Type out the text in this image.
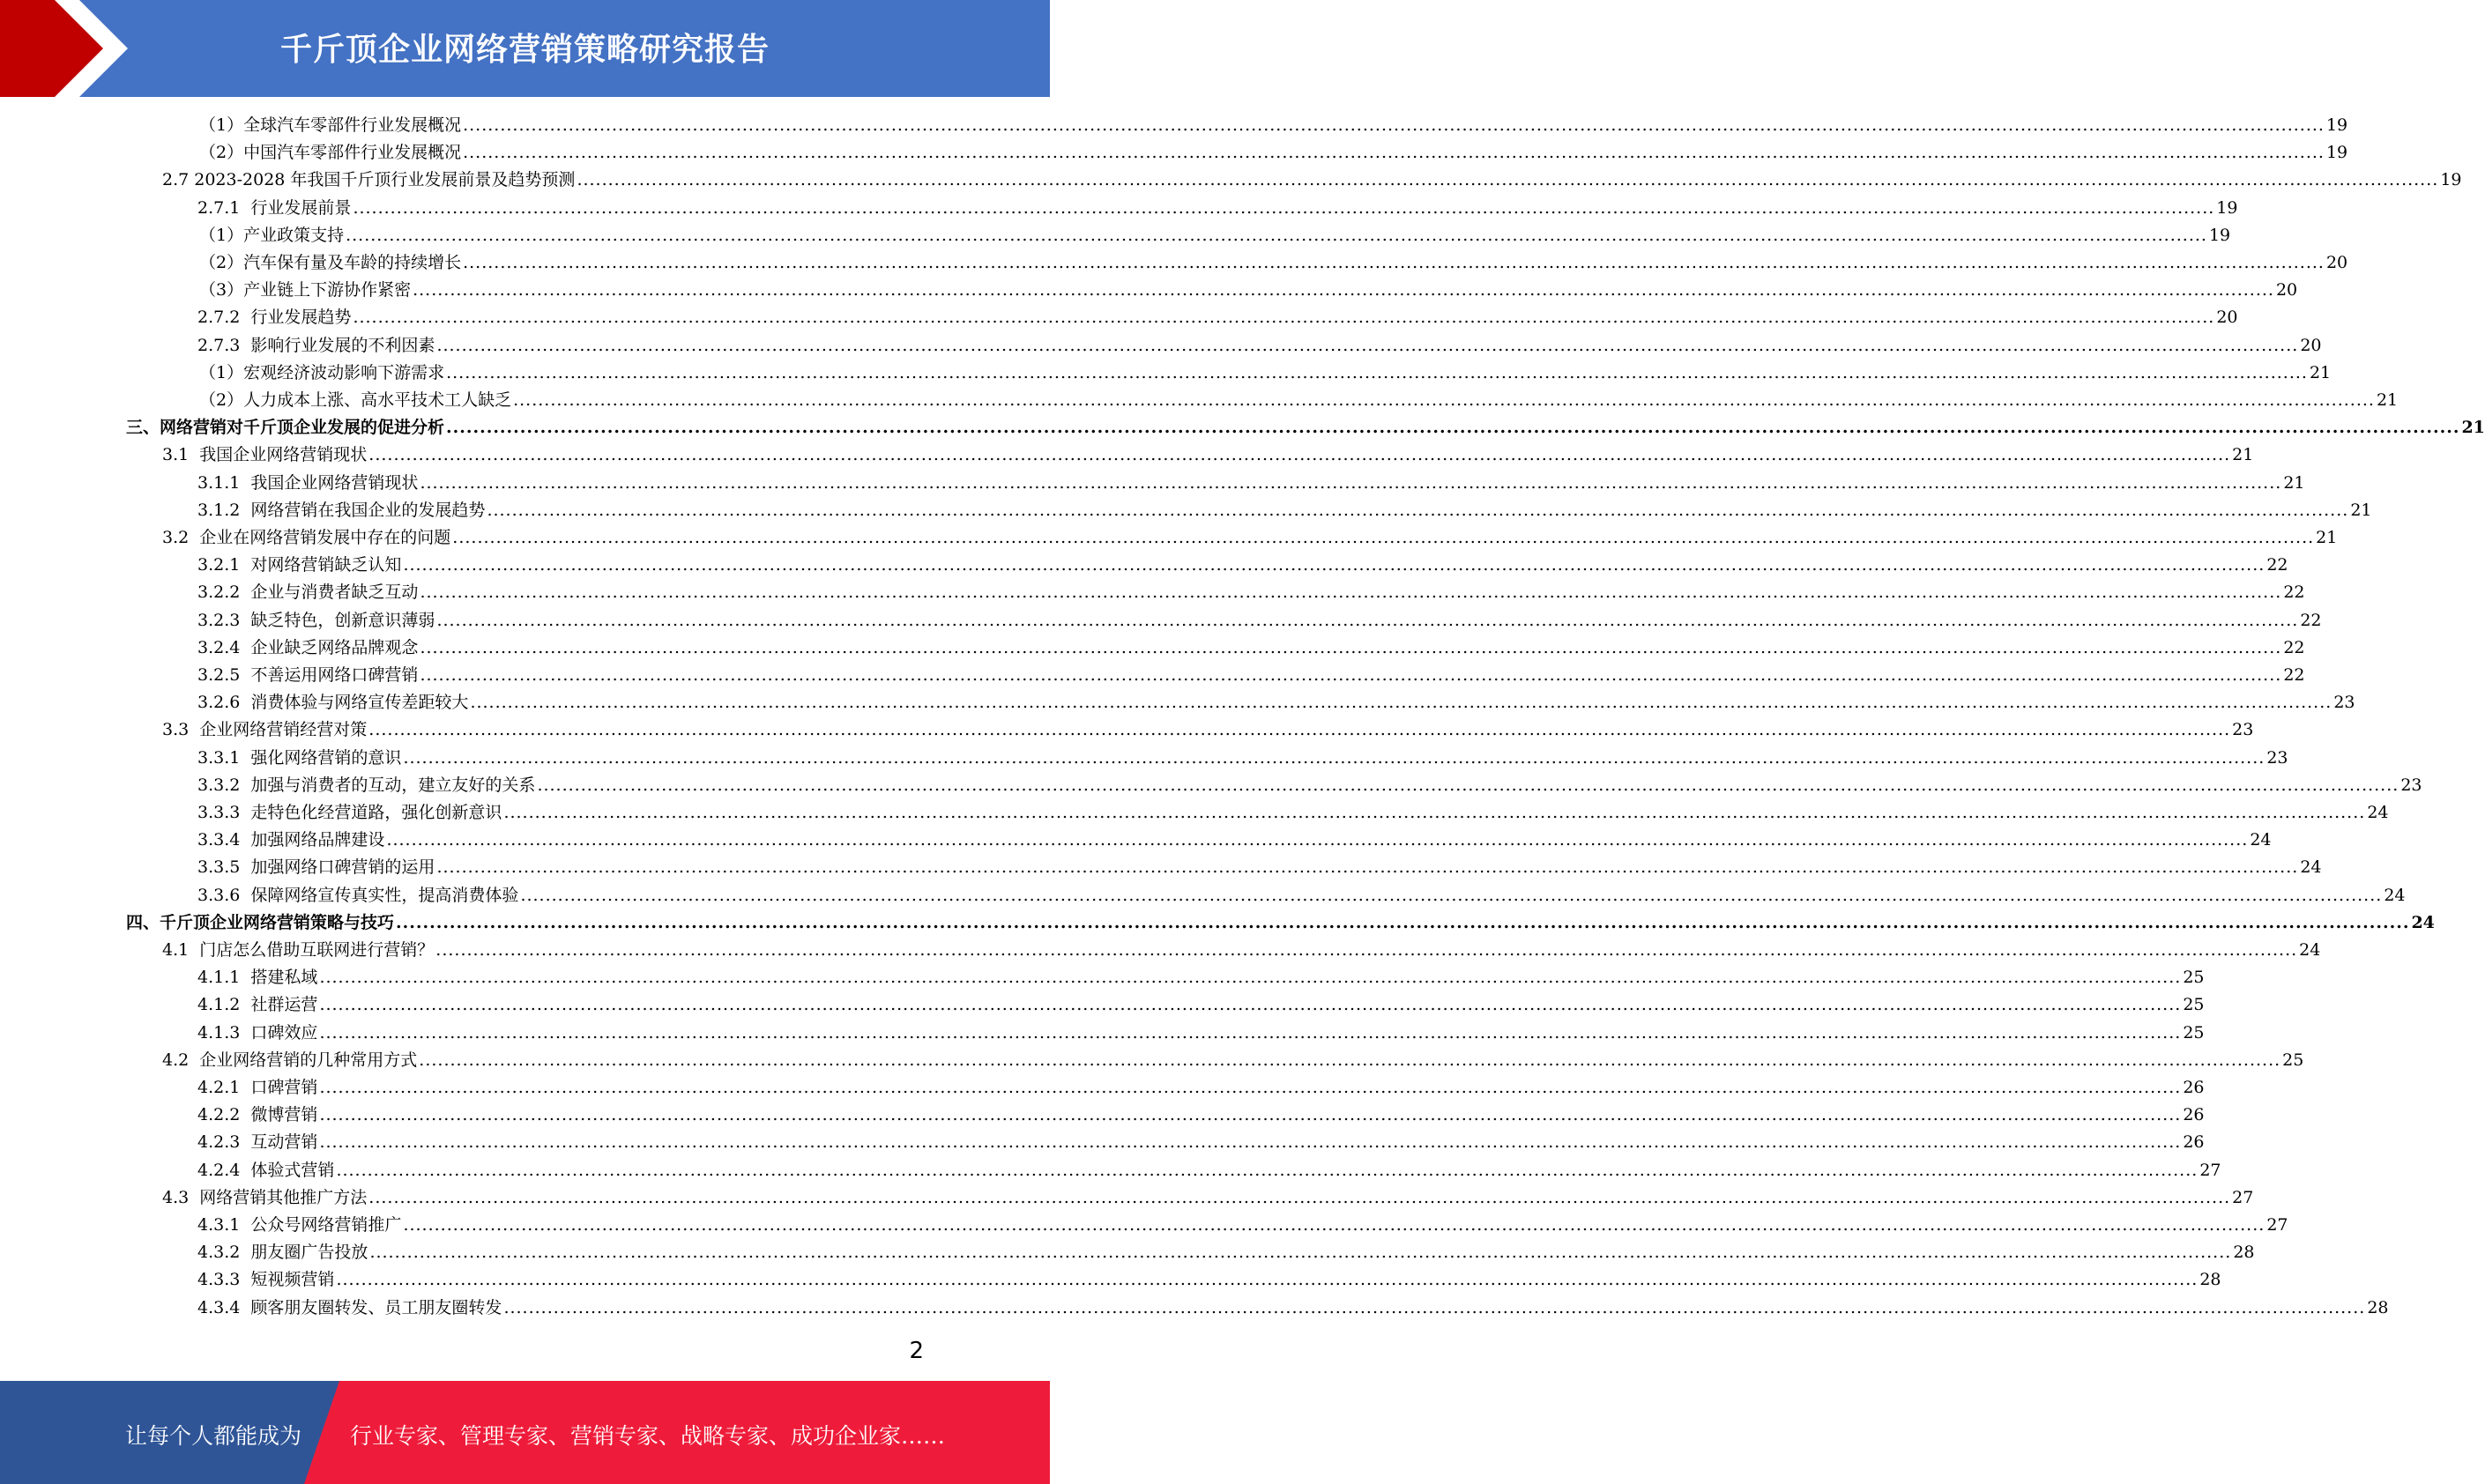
千斤顶企业网络营销策略研究报告
（1）全球汽车零部件行业发展概况 ............................................................................................................................................................................................................................................................................................................ 19
（2）中国汽车零部件行业发展概况 ............................................................................................................................................................................................................................................................................................................ 19
2.7 2023-2028 年我国千斤顶行业发展前景及趋势预测 ............................................................................................................................................................................................................................................................................................................ 19
2.7.1  行业发展前景 ............................................................................................................................................................................................................................................................................................................ 19
（1）产业政策支持 ............................................................................................................................................................................................................................................................................................................ 19
（2）汽车保有量及车龄的持续增长 ............................................................................................................................................................................................................................................................................................................ 20
（3）产业链上下游协作紧密 ............................................................................................................................................................................................................................................................................................................ 20
2.7.2  行业发展趋势 ............................................................................................................................................................................................................................................................................................................ 20
2.7.3  影响行业发展的不利因素 ............................................................................................................................................................................................................................................................................................................ 20
（1）宏观经济波动影响下游需求 ............................................................................................................................................................................................................................................................................................................ 21
（2）人力成本上涨、高水平技术工人缺乏 ............................................................................................................................................................................................................................................................................................................ 21
三、网络营销对千斤顶企业发展的促进分析 ............................................................................................................................................................................................................................................................................................................ 21
3.1  我国企业网络营销现状 ............................................................................................................................................................................................................................................................................................................ 21
3.1.1  我国企业网络营销现状 ............................................................................................................................................................................................................................................................................................................ 21
3.1.2  网络营销在我国企业的发展趋势 ............................................................................................................................................................................................................................................................................................................ 21
3.2  企业在网络营销发展中存在的问题 ............................................................................................................................................................................................................................................................................................................ 21
3.2.1  对网络营销缺乏认知 ............................................................................................................................................................................................................................................................................................................ 22
3.2.2  企业与消费者缺乏互动 ............................................................................................................................................................................................................................................................................................................ 22
3.2.3  缺乏特色，创新意识薄弱 ............................................................................................................................................................................................................................................................................................................ 22
3.2.4  企业缺乏网络品牌观念 ............................................................................................................................................................................................................................................................................................................ 22
3.2.5  不善运用网络口碑营销 ............................................................................................................................................................................................................................................................................................................ 22
3.2.6  消费体验与网络宣传差距较大 ............................................................................................................................................................................................................................................................................................................ 23
3.3  企业网络营销经营对策 ............................................................................................................................................................................................................................................................................................................ 23
3.3.1  强化网络营销的意识 ............................................................................................................................................................................................................................................................................................................ 23
3.3.2  加强与消费者的互动，建立友好的关系 ............................................................................................................................................................................................................................................................................................................ 23
3.3.3  走特色化经营道路，强化创新意识 ............................................................................................................................................................................................................................................................................................................ 24
3.3.4  加强网络品牌建设 ............................................................................................................................................................................................................................................................................................................ 24
3.3.5  加强网络口碑营销的运用 ............................................................................................................................................................................................................................................................................................................ 24
3.3.6  保障网络宣传真实性，提高消费体验 ............................................................................................................................................................................................................................................................................................................ 24
四、千斤顶企业网络营销策略与技巧 ............................................................................................................................................................................................................................................................................................................ 24
4.1  门店怎么借助互联网进行营销？ ............................................................................................................................................................................................................................................................................................................ 24
4.1.1  搭建私域 ............................................................................................................................................................................................................................................................................................................ 25
4.1.2  社群运营 ............................................................................................................................................................................................................................................................................................................ 25
4.1.3  口碑效应 ............................................................................................................................................................................................................................................................................................................ 25
4.2  企业网络营销的几种常用方式 ............................................................................................................................................................................................................................................................................................................ 25
4.2.1  口碑营销 ............................................................................................................................................................................................................................................................................................................ 26
4.2.2  微博营销 ............................................................................................................................................................................................................................................................................................................ 26
4.2.3  互动营销 ............................................................................................................................................................................................................................................................................................................ 26
4.2.4  体验式营销 ............................................................................................................................................................................................................................................................................................................ 27
4.3  网络营销其他推广方法 ............................................................................................................................................................................................................................................................................................................ 27
4.3.1  公众号网络营销推广 ............................................................................................................................................................................................................................................................................................................ 27
4.3.2  朋友圈广告投放 ............................................................................................................................................................................................................................................................................................................ 28
4.3.3  短视频营销 ............................................................................................................................................................................................................................................................................................................ 28
4.3.4  顾客朋友圈转发、员工朋友圈转发 ............................................................................................................................................................................................................................................................................................................ 28
2
让每个人都能成为 行业专家、管理专家、营销专家、战略专家、成功企业家……
